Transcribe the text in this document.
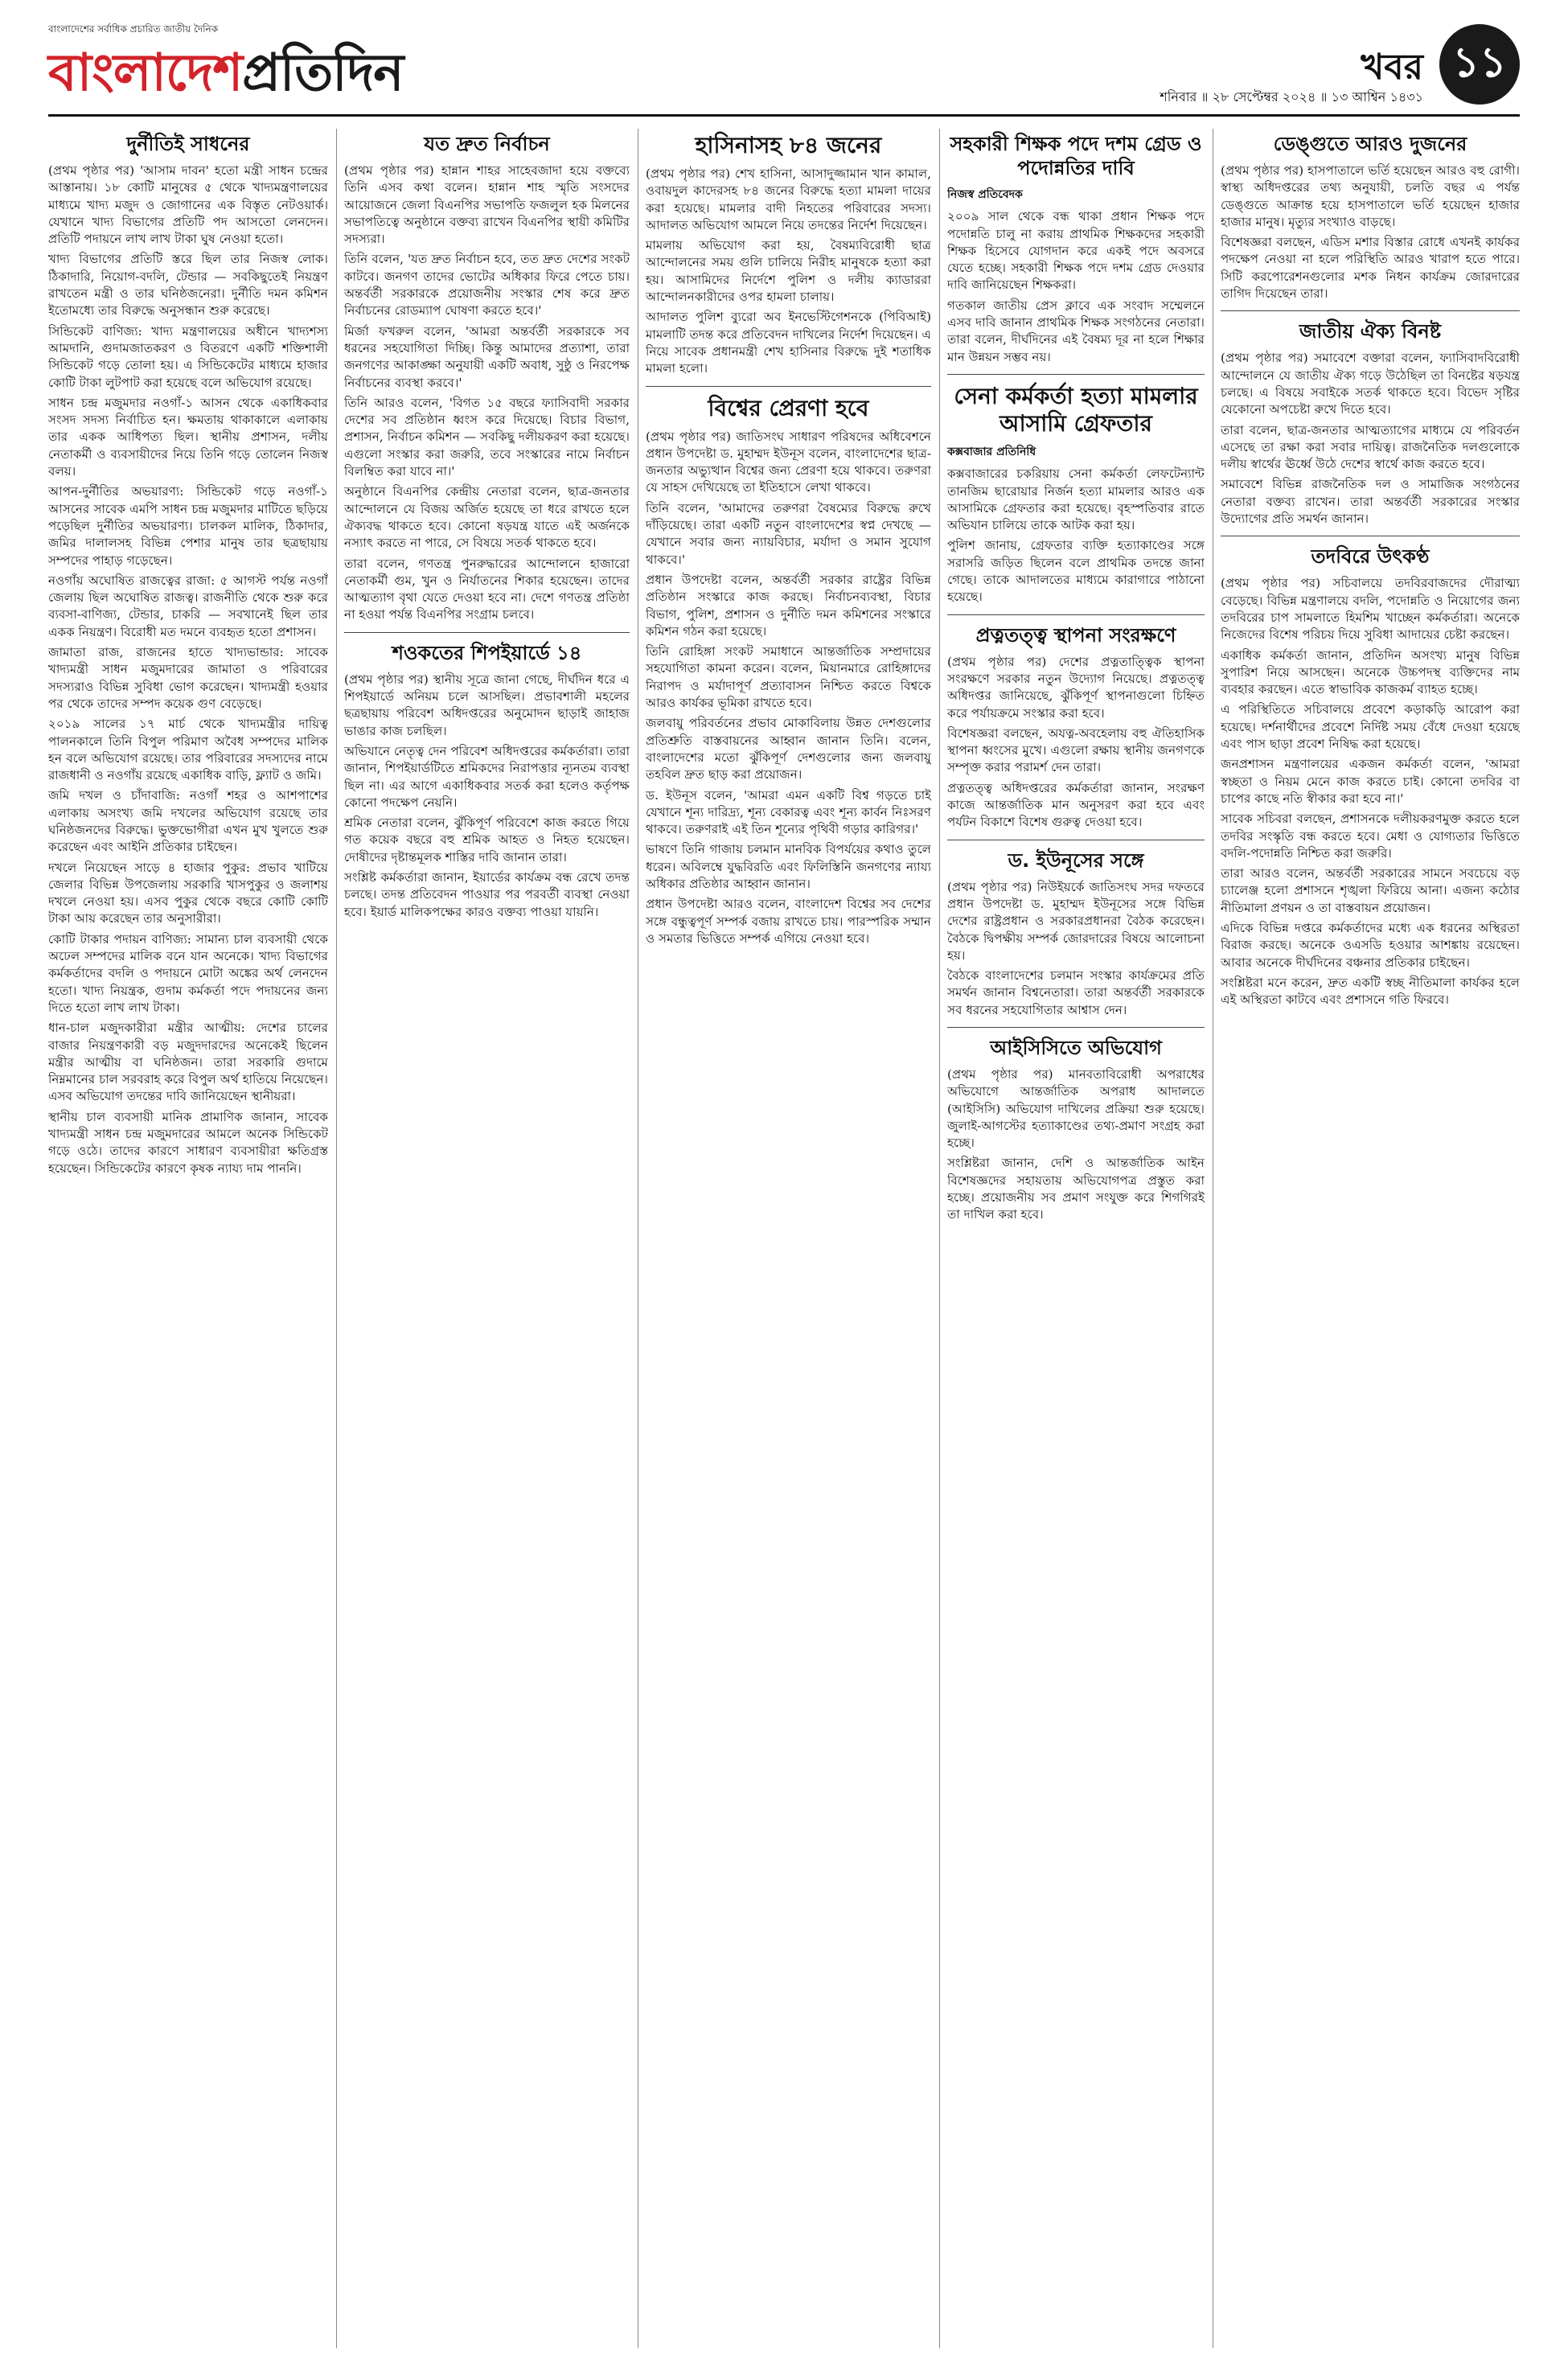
বাংলাদেশের সর্বাধিক প্রচারিত জাতীয় দৈনিক
বাংলাদেশপ্রতিদিন	খবর ১১
শনিবার ॥ ২৮ সেপ্টেম্বর ২০২৪ ॥ ১৩ আশ্বিন ১৪৩১
দুর্নীতিই সাধনের

(প্রথম পৃষ্ঠার পর) 'আসাম দাবন' হতো মন্ত্রী সাধন চন্দ্রের আস্তানায়। ১৮ কোটি মানুষের ৫ থেকে খাদ্যমন্ত্রণালয়ের মাধ্যমে খাদ্য মজুদ ও জোগানের এক বিস্তৃত নেটওয়ার্ক। যেখানে খাদ্য বিভাগের প্রতিটি পদ আসতো লেনদেন। প্রতিটি পদায়নে লাখ লাখ টাকা ঘুষ নেওয়া হতো।

খাদ্য বিভাগের প্রতিটি স্তরে ছিল তার নিজস্ব লোক। ঠিকাদারি, নিয়োগ-বদলি, টেন্ডার — সবকিছুতেই নিয়ন্ত্রণ রাখতেন মন্ত্রী ও তার ঘনিষ্ঠজনেরা। দুর্নীতি দমন কমিশন ইতোমধ্যে তার বিরুদ্ধে অনুসন্ধান শুরু করেছে।

সিন্ডিকেট বাণিজ্য: খাদ্য মন্ত্রণালয়ের অধীনে খাদ্যশস্য আমদানি, গুদামজাতকরণ ও বিতরণে একটি শক্তিশালী সিন্ডিকেট গড়ে তোলা হয়। এ সিন্ডিকেটের মাধ্যমে হাজার কোটি টাকা লুটপাট করা হয়েছে বলে অভিযোগ রয়েছে।

সাধন চন্দ্র মজুমদার নওগাঁ-১ আসন থেকে একাধিকবার সংসদ সদস্য নির্বাচিত হন। ক্ষমতায় থাকাকালে এলাকায় তার একক আধিপত্য ছিল। স্থানীয় প্রশাসন, দলীয় নেতাকর্মী ও ব্যবসায়ীদের নিয়ে তিনি গড়ে তোলেন নিজস্ব বলয়।

আপন-দুর্নীতির অভয়ারণ্য: সিন্ডিকেট গড়ে নওগাঁ-১ আসনের সাবেক এমপি সাধন চন্দ্র মজুমদার মাটিতে ছড়িয়ে পড়েছিল দুর্নীতির অভয়ারণ্য। চালকল মালিক, ঠিকাদার, জমির দালালসহ বিভিন্ন পেশার মানুষ তার ছত্রছায়ায় সম্পদের পাহাড় গড়েছেন।

নওগাঁয় অঘোষিত রাজত্বের রাজা: ৫ আগস্ট পর্যন্ত নওগাঁ জেলায় ছিল অঘোষিত রাজত্ব। রাজনীতি থেকে শুরু করে ব্যবসা-বাণিজ্য, টেন্ডার, চাকরি — সবখানেই ছিল তার একক নিয়ন্ত্রণ। বিরোধী মত দমনে ব্যবহৃত হতো প্রশাসন।

জামাতা রাজ, রাজনের হাতে খাদ্যভান্ডার: সাবেক খাদ্যমন্ত্রী সাধন মজুমদারের জামাতা ও পরিবারের সদস্যরাও বিভিন্ন সুবিধা ভোগ করেছেন। খাদ্যমন্ত্রী হওয়ার পর থেকে তাদের সম্পদ কয়েক গুণ বেড়েছে।

২০১৯ সালের ১৭ মার্চ থেকে খাদ্যমন্ত্রীর দায়িত্ব পালনকালে তিনি বিপুল পরিমাণ অবৈধ সম্পদের মালিক হন বলে অভিযোগ রয়েছে। তার পরিবারের সদস্যদের নামে রাজধানী ও নওগাঁয় রয়েছে একাধিক বাড়ি, ফ্ল্যাট ও জমি।

জমি দখল ও চাঁদাবাজি: নওগাঁ শহর ও আশপাশের এলাকায় অসংখ্য জমি দখলের অভিযোগ রয়েছে তার ঘনিষ্ঠজনদের বিরুদ্ধে। ভুক্তভোগীরা এখন মুখ খুলতে শুরু করেছেন এবং আইনি প্রতিকার চাইছেন।

দখলে নিয়েছেন সাড়ে ৪ হাজার পুকুর: প্রভাব খাটিয়ে জেলার বিভিন্ন উপজেলায় সরকারি খাসপুকুর ও জলাশয় দখলে নেওয়া হয়। এসব পুকুর থেকে বছরে কোটি কোটি টাকা আয় করেছেন তার অনুসারীরা।

কোটি টাকার পদায়ন বাণিজ্য: সামান্য চাল ব্যবসায়ী থেকে অঢেল সম্পদের মালিক বনে যান অনেকে। খাদ্য বিভাগের কর্মকর্তাদের বদলি ও পদায়নে মোটা অঙ্কের অর্থ লেনদেন হতো। খাদ্য নিয়ন্ত্রক, গুদাম কর্মকর্তা পদে পদায়নের জন্য দিতে হতো লাখ লাখ টাকা।

ধান-চাল মজুদকারীরা মন্ত্রীর আত্মীয়: দেশের চালের বাজার নিয়ন্ত্রণকারী বড় মজুদদারদের অনেকেই ছিলেন মন্ত্রীর আত্মীয় বা ঘনিষ্ঠজন। তারা সরকারি গুদামে নিম্নমানের চাল সরবরাহ করে বিপুল অর্থ হাতিয়ে নিয়েছেন। এসব অভিযোগ তদন্তের দাবি জানিয়েছেন স্থানীয়রা।

স্থানীয় চাল ব্যবসায়ী মানিক প্রামাণিক জানান, সাবেক খাদ্যমন্ত্রী সাধন চন্দ্র মজুমদারের আমলে অনেক সিন্ডিকেট গড়ে ওঠে। তাদের কারণে সাধারণ ব্যবসায়ীরা ক্ষতিগ্রস্ত হয়েছেন। সিন্ডিকেটের কারণে কৃষক ন্যায্য দাম পাননি।

যত দ্রুত নির্বাচন

(প্রথম পৃষ্ঠার পর) হান্নান শাহর সাহেবজাদা হয়ে বক্তব্যে তিনি এসব কথা বলেন। হান্নান শাহ স্মৃতি সংসদের আয়োজনে জেলা বিএনপির সভাপতি ফজলুল হক মিলনের সভাপতিত্বে অনুষ্ঠানে বক্তব্য রাখেন বিএনপির স্থায়ী কমিটির সদস্যরা।

তিনি বলেন, 'যত দ্রুত নির্বাচন হবে, তত দ্রুত দেশের সংকট কাটবে। জনগণ তাদের ভোটের অধিকার ফিরে পেতে চায়। অন্তর্বর্তী সরকারকে প্রয়োজনীয় সংস্কার শেষ করে দ্রুত নির্বাচনের রোডম্যাপ ঘোষণা করতে হবে।'

মির্জা ফখরুল বলেন, 'আমরা অন্তর্বর্তী সরকারকে সব ধরনের সহযোগিতা দিচ্ছি। কিন্তু আমাদের প্রত্যাশা, তারা জনগণের আকাঙ্ক্ষা অনুযায়ী একটি অবাধ, সুষ্ঠু ও নিরপেক্ষ নির্বাচনের ব্যবস্থা করবে।'

তিনি আরও বলেন, 'বিগত ১৫ বছরে ফ্যাসিবাদী সরকার দেশের সব প্রতিষ্ঠান ধ্বংস করে দিয়েছে। বিচার বিভাগ, প্রশাসন, নির্বাচন কমিশন — সবকিছু দলীয়করণ করা হয়েছে। এগুলো সংস্কার করা জরুরি, তবে সংস্কারের নামে নির্বাচন বিলম্বিত করা যাবে না।'

অনুষ্ঠানে বিএনপির কেন্দ্রীয় নেতারা বলেন, ছাত্র-জনতার আন্দোলনে যে বিজয় অর্জিত হয়েছে তা ধরে রাখতে হলে ঐক্যবদ্ধ থাকতে হবে। কোনো ষড়যন্ত্র যাতে এই অর্জনকে নস্যাৎ করতে না পারে, সে বিষয়ে সতর্ক থাকতে হবে।

তারা বলেন, গণতন্ত্র পুনরুদ্ধারের আন্দোলনে হাজারো নেতাকর্মী গুম, খুন ও নির্যাতনের শিকার হয়েছেন। তাদের আত্মত্যাগ বৃথা যেতে দেওয়া হবে না। দেশে গণতন্ত্র প্রতিষ্ঠা না হওয়া পর্যন্ত বিএনপির সংগ্রাম চলবে।

শওকতের শিপইয়ার্ডে ১৪

(প্রথম পৃষ্ঠার পর) স্থানীয় সূত্রে জানা গেছে, দীর্ঘদিন ধরে এ শিপইয়ার্ডে অনিয়ম চলে আসছিল। প্রভাবশালী মহলের ছত্রছায়ায় পরিবেশ অধিদপ্তরের অনুমোদন ছাড়াই জাহাজ ভাঙার কাজ চলছিল।

অভিযানে নেতৃত্ব দেন পরিবেশ অধিদপ্তরের কর্মকর্তারা। তারা জানান, শিপইয়ার্ডটিতে শ্রমিকদের নিরাপত্তার ন্যূনতম ব্যবস্থা ছিল না। এর আগে একাধিকবার সতর্ক করা হলেও কর্তৃপক্ষ কোনো পদক্ষেপ নেয়নি।

শ্রমিক নেতারা বলেন, ঝুঁকিপূর্ণ পরিবেশে কাজ করতে গিয়ে গত কয়েক বছরে বহু শ্রমিক আহত ও নিহত হয়েছেন। দোষীদের দৃষ্টান্তমূলক শাস্তির দাবি জানান তারা।

সংশ্লিষ্ট কর্মকর্তারা জানান, ইয়ার্ডের কার্যক্রম বন্ধ রেখে তদন্ত চলছে। তদন্ত প্রতিবেদন পাওয়ার পর পরবর্তী ব্যবস্থা নেওয়া হবে। ইয়ার্ড মালিকপক্ষের কারও বক্তব্য পাওয়া যায়নি।

হাসিনাসহ ৮৪ জনের

(প্রথম পৃষ্ঠার পর) শেখ হাসিনা, আসাদুজ্জামান খান কামাল, ওবায়দুল কাদেরসহ ৮৪ জনের বিরুদ্ধে হত্যা মামলা দায়ের করা হয়েছে। মামলার বাদী নিহতের পরিবারের সদস্য। আদালত অভিযোগ আমলে নিয়ে তদন্তের নির্দেশ দিয়েছেন।

মামলায় অভিযোগ করা হয়, বৈষম্যবিরোধী ছাত্র আন্দোলনের সময় গুলি চালিয়ে নিরীহ মানুষকে হত্যা করা হয়। আসামিদের নির্দেশে পুলিশ ও দলীয় ক্যাডাররা আন্দোলনকারীদের ওপর হামলা চালায়।

আদালত পুলিশ ব্যুরো অব ইনভেস্টিগেশনকে (পিবিআই) মামলাটি তদন্ত করে প্রতিবেদন দাখিলের নির্দেশ দিয়েছেন। এ নিয়ে সাবেক প্রধানমন্ত্রী শেখ হাসিনার বিরুদ্ধে দুই শতাধিক মামলা হলো।

বিশ্বের প্রেরণা হবে

(প্রথম পৃষ্ঠার পর) জাতিসংঘ সাধারণ পরিষদের অধিবেশনে প্রধান উপদেষ্টা ড. মুহাম্মদ ইউনূস বলেন, বাংলাদেশের ছাত্র-জনতার অভ্যুত্থান বিশ্বের জন্য প্রেরণা হয়ে থাকবে। তরুণরা যে সাহস দেখিয়েছে তা ইতিহাসে লেখা থাকবে।

তিনি বলেন, 'আমাদের তরুণরা বৈষম্যের বিরুদ্ধে রুখে দাঁড়িয়েছে। তারা একটি নতুন বাংলাদেশের স্বপ্ন দেখছে — যেখানে সবার জন্য ন্যায়বিচার, মর্যাদা ও সমান সুযোগ থাকবে।'

প্রধান উপদেষ্টা বলেন, অন্তর্বর্তী সরকার রাষ্ট্রের বিভিন্ন প্রতিষ্ঠান সংস্কারে কাজ করছে। নির্বাচনব্যবস্থা, বিচার বিভাগ, পুলিশ, প্রশাসন ও দুর্নীতি দমন কমিশনের সংস্কারে কমিশন গঠন করা হয়েছে।

তিনি রোহিঙ্গা সংকট সমাধানে আন্তর্জাতিক সম্প্রদায়ের সহযোগিতা কামনা করেন। বলেন, মিয়ানমারে রোহিঙ্গাদের নিরাপদ ও মর্যাদাপূর্ণ প্রত্যাবাসন নিশ্চিত করতে বিশ্বকে আরও কার্যকর ভূমিকা রাখতে হবে।

জলবায়ু পরিবর্তনের প্রভাব মোকাবিলায় উন্নত দেশগুলোর প্রতিশ্রুতি বাস্তবায়নের আহ্বান জানান তিনি। বলেন, বাংলাদেশের মতো ঝুঁকিপূর্ণ দেশগুলোর জন্য জলবায়ু তহবিল দ্রুত ছাড় করা প্রয়োজন।

ড. ইউনূস বলেন, 'আমরা এমন একটি বিশ্ব গড়তে চাই যেখানে শূন্য দারিদ্র্য, শূন্য বেকারত্ব এবং শূন্য কার্বন নিঃসরণ থাকবে। তরুণরাই এই তিন শূন্যের পৃথিবী গড়ার কারিগর।'

ভাষণে তিনি গাজায় চলমান মানবিক বিপর্যয়ের কথাও তুলে ধরেন। অবিলম্বে যুদ্ধবিরতি এবং ফিলিস্তিনি জনগণের ন্যায্য অধিকার প্রতিষ্ঠার আহ্বান জানান।

প্রধান উপদেষ্টা আরও বলেন, বাংলাদেশ বিশ্বের সব দেশের সঙ্গে বন্ধুত্বপূর্ণ সম্পর্ক বজায় রাখতে চায়। পারস্পরিক সম্মান ও সমতার ভিত্তিতে সম্পর্ক এগিয়ে নেওয়া হবে।

সহকারী শিক্ষক পদে দশম গ্রেড ও পদোন্নতির দাবি
নিজস্ব প্রতিবেদক

২০০৯ সাল থেকে বন্ধ থাকা প্রধান শিক্ষক পদে পদোন্নতি চালু না করায় প্রাথমিক শিক্ষকদের সহকারী শিক্ষক হিসেবে যোগদান করে একই পদে অবসরে যেতে হচ্ছে। সহকারী শিক্ষক পদে দশম গ্রেড দেওয়ার দাবি জানিয়েছেন শিক্ষকরা।

গতকাল জাতীয় প্রেস ক্লাবে এক সংবাদ সম্মেলনে এসব দাবি জানান প্রাথমিক শিক্ষক সংগঠনের নেতারা। তারা বলেন, দীর্ঘদিনের এই বৈষম্য দূর না হলে শিক্ষার মান উন্নয়ন সম্ভব নয়।

সেনা কর্মকর্তা হত্যা মামলার আসামি গ্রেফতার
কক্সবাজার প্রতিনিধি

কক্সবাজারের চকরিয়ায় সেনা কর্মকর্তা লেফটেন্যান্ট তানজিম ছারোয়ার নির্জন হত্যা মামলার আরও এক আসামিকে গ্রেফতার করা হয়েছে। বৃহস্পতিবার রাতে অভিযান চালিয়ে তাকে আটক করা হয়।

পুলিশ জানায়, গ্রেফতার ব্যক্তি হত্যাকাণ্ডের সঙ্গে সরাসরি জড়িত ছিলেন বলে প্রাথমিক তদন্তে জানা গেছে। তাকে আদালতের মাধ্যমে কারাগারে পাঠানো হয়েছে।

প্রত্নতত্ত্ব স্থাপনা সংরক্ষণে

(প্রথম পৃষ্ঠার পর) দেশের প্রত্নতাত্ত্বিক স্থাপনা সংরক্ষণে সরকার নতুন উদ্যোগ নিয়েছে। প্রত্নতত্ত্ব অধিদপ্তর জানিয়েছে, ঝুঁকিপূর্ণ স্থাপনাগুলো চিহ্নিত করে পর্যায়ক্রমে সংস্কার করা হবে।

বিশেষজ্ঞরা বলছেন, অযত্ন-অবহেলায় বহু ঐতিহাসিক স্থাপনা ধ্বংসের মুখে। এগুলো রক্ষায় স্থানীয় জনগণকে সম্পৃক্ত করার পরামর্শ দেন তারা।

প্রত্নতত্ত্ব অধিদপ্তরের কর্মকর্তারা জানান, সংরক্ষণ কাজে আন্তর্জাতিক মান অনুসরণ করা হবে এবং পর্যটন বিকাশে বিশেষ গুরুত্ব দেওয়া হবে।

ড. ইউনূসের সঙ্গে

(প্রথম পৃষ্ঠার পর) নিউইয়র্কে জাতিসংঘ সদর দফতরে প্রধান উপদেষ্টা ড. মুহাম্মদ ইউনূসের সঙ্গে বিভিন্ন দেশের রাষ্ট্রপ্রধান ও সরকারপ্রধানরা বৈঠক করেছেন। বৈঠকে দ্বিপক্ষীয় সম্পর্ক জোরদারের বিষয়ে আলোচনা হয়।

বৈঠকে বাংলাদেশের চলমান সংস্কার কার্যক্রমের প্রতি সমর্থন জানান বিশ্বনেতারা। তারা অন্তর্বর্তী সরকারকে সব ধরনের সহযোগিতার আশ্বাস দেন।

আইসিসিতে অভিযোগ

(প্রথম পৃষ্ঠার পর) মানবতাবিরোধী অপরাধের অভিযোগে আন্তর্জাতিক অপরাধ আদালতে (আইসিসি) অভিযোগ দাখিলের প্রক্রিয়া শুরু হয়েছে। জুলাই-আগস্টের হত্যাকাণ্ডের তথ্য-প্রমাণ সংগ্রহ করা হচ্ছে।

সংশ্লিষ্টরা জানান, দেশি ও আন্তর্জাতিক আইন বিশেষজ্ঞদের সহায়তায় অভিযোগপত্র প্রস্তুত করা হচ্ছে। প্রয়োজনীয় সব প্রমাণ সংযুক্ত করে শিগগিরই তা দাখিল করা হবে।

ডেঙ্গুতে আরও দুজনের

(প্রথম পৃষ্ঠার পর) হাসপাতালে ভর্তি হয়েছেন আরও বহু রোগী। স্বাস্থ্য অধিদপ্তরের তথ্য অনুযায়ী, চলতি বছর এ পর্যন্ত ডেঙ্গুতে আক্রান্ত হয়ে হাসপাতালে ভর্তি হয়েছেন হাজার হাজার মানুষ। মৃত্যুর সংখ্যাও বাড়ছে।

বিশেষজ্ঞরা বলছেন, এডিস মশার বিস্তার রোধে এখনই কার্যকর পদক্ষেপ নেওয়া না হলে পরিস্থিতি আরও খারাপ হতে পারে। সিটি করপোরেশনগুলোর মশক নিধন কার্যক্রম জোরদারের তাগিদ দিয়েছেন তারা।

জাতীয় ঐক্য বিনষ্ট

(প্রথম পৃষ্ঠার পর) সমাবেশে বক্তারা বলেন, ফ্যাসিবাদবিরোধী আন্দোলনে যে জাতীয় ঐক্য গড়ে উঠেছিল তা বিনষ্টের ষড়যন্ত্র চলছে। এ বিষয়ে সবাইকে সতর্ক থাকতে হবে। বিভেদ সৃষ্টির যেকোনো অপচেষ্টা রুখে দিতে হবে।

তারা বলেন, ছাত্র-জনতার আত্মত্যাগের মাধ্যমে যে পরিবর্তন এসেছে তা রক্ষা করা সবার দায়িত্ব। রাজনৈতিক দলগুলোকে দলীয় স্বার্থের ঊর্ধ্বে উঠে দেশের স্বার্থে কাজ করতে হবে।

সমাবেশে বিভিন্ন রাজনৈতিক দল ও সামাজিক সংগঠনের নেতারা বক্তব্য রাখেন। তারা অন্তর্বর্তী সরকারের সংস্কার উদ্যোগের প্রতি সমর্থন জানান।

তদবিরে উৎকণ্ঠ

(প্রথম পৃষ্ঠার পর) সচিবালয়ে তদবিরবাজদের দৌরাত্ম্য বেড়েছে। বিভিন্ন মন্ত্রণালয়ে বদলি, পদোন্নতি ও নিয়োগের জন্য তদবিরের চাপ সামলাতে হিমশিম খাচ্ছেন কর্মকর্তারা। অনেকে নিজেদের বিশেষ পরিচয় দিয়ে সুবিধা আদায়ের চেষ্টা করছেন।

একাধিক কর্মকর্তা জানান, প্রতিদিন অসংখ্য মানুষ বিভিন্ন সুপারিশ নিয়ে আসছেন। অনেকে উচ্চপদস্থ ব্যক্তিদের নাম ব্যবহার করছেন। এতে স্বাভাবিক কাজকর্ম ব্যাহত হচ্ছে।

এ পরিস্থিতিতে সচিবালয়ে প্রবেশে কড়াকড়ি আরোপ করা হয়েছে। দর্শনার্থীদের প্রবেশে নির্দিষ্ট সময় বেঁধে দেওয়া হয়েছে এবং পাস ছাড়া প্রবেশ নিষিদ্ধ করা হয়েছে।

জনপ্রশাসন মন্ত্রণালয়ের একজন কর্মকর্তা বলেন, 'আমরা স্বচ্ছতা ও নিয়ম মেনে কাজ করতে চাই। কোনো তদবির বা চাপের কাছে নতি স্বীকার করা হবে না।'

সাবেক সচিবরা বলছেন, প্রশাসনকে দলীয়করণমুক্ত করতে হলে তদবির সংস্কৃতি বন্ধ করতে হবে। মেধা ও যোগ্যতার ভিত্তিতে বদলি-পদোন্নতি নিশ্চিত করা জরুরি।

তারা আরও বলেন, অন্তর্বর্তী সরকারের সামনে সবচেয়ে বড় চ্যালেঞ্জ হলো প্রশাসনে শৃঙ্খলা ফিরিয়ে আনা। এজন্য কঠোর নীতিমালা প্রণয়ন ও তা বাস্তবায়ন প্রয়োজন।

এদিকে বিভিন্ন দপ্তরে কর্মকর্তাদের মধ্যে এক ধরনের অস্থিরতা বিরাজ করছে। অনেকে ওএসডি হওয়ার আশঙ্কায় রয়েছেন। আবার অনেকে দীর্ঘদিনের বঞ্চনার প্রতিকার চাইছেন।

সংশ্লিষ্টরা মনে করেন, দ্রুত একটি স্বচ্ছ নীতিমালা কার্যকর হলে এই অস্থিরতা কাটবে এবং প্রশাসনে গতি ফিরবে।
